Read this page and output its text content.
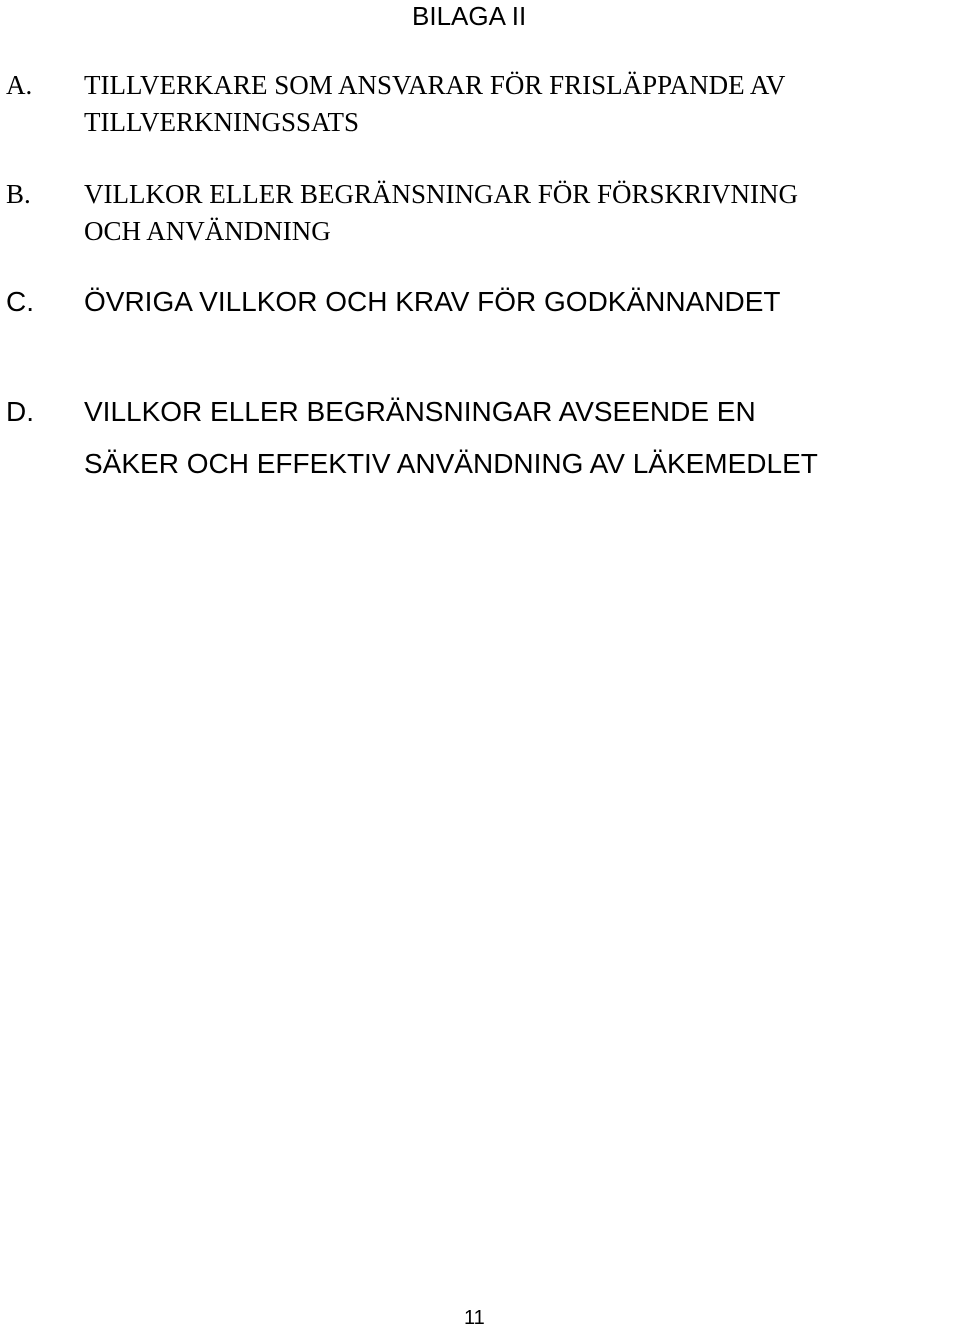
BILAGA II
A. TILLVERKARE SOM ANSVARAR FÖR FRISLÄPPANDE AV
TILLVERKNINGSSATS
B. VILLKOR ELLER BEGRÄNSNINGAR FÖR FÖRSKRIVNING
OCH ANVÄNDNING
C. ÖVRIGA VILLKOR OCH KRAV FÖR GODKÄNNANDET
D. VILLKOR ELLER BEGRÄNSNINGAR AVSEENDE EN
SÄKER OCH EFFEKTIV ANVÄNDNING AV LÄKEMEDLET
11
